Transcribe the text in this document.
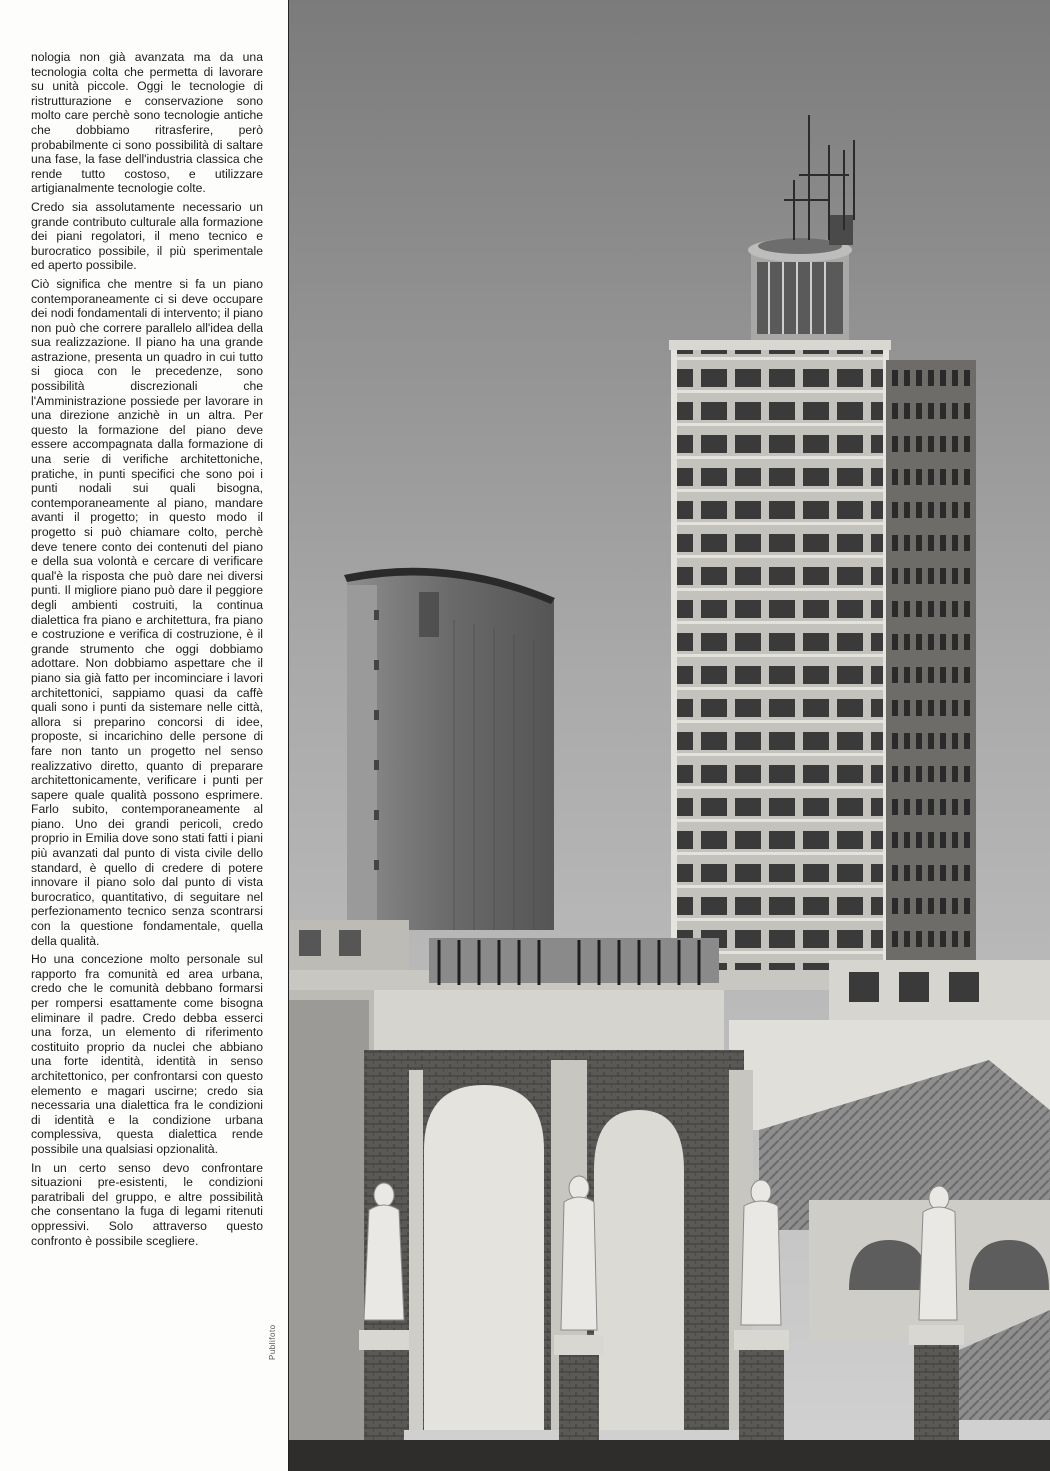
nologia non già avanzata ma da una tecnologia colta che permetta di lavorare su unità piccole. Oggi le tecnologie di ristrutturazione e conservazione sono molto care perchè sono tecnologie antiche che dobbiamo ritrasferire, però probabilmente ci sono possibilità di saltare una fase, la fase dell'industria classica che rende tutto costoso, e utilizzare artigianalmente tecnologie colte.

Credo sia assolutamente necessario un grande contributo culturale alla formazione dei piani regolatori, il meno tecnico e burocratico possibile, il più sperimentale ed aperto possibile.

Ciò significa che mentre si fa un piano contemporaneamente ci si deve occupare dei nodi fondamentali di intervento; il piano non può che correre parallelo all'idea della sua realizzazione. Il piano ha una grande astrazione, presenta un quadro in cui tutto si gioca con le precedenze, sono possibilità discrezionali che l'Amministrazione possiede per lavorare in una direzione anzichè in un altra. Per questo la formazione del piano deve essere accompagnata dalla formazione di una serie di verifiche architettoniche, pratiche, in punti specifici che sono poi i punti nodali sui quali bisogna, contemporaneamente al piano, mandare avanti il progetto; in questo modo il progetto si può chiamare colto, perchè deve tenere conto dei contenuti del piano e della sua volontà e cercare di verificare qual'è la risposta che può dare nei diversi punti. Il migliore piano può dare il peggiore degli ambienti costruiti, la continua dialettica fra piano e architettura, fra piano e costruzione e verifica di costruzione, è il grande strumento che oggi dobbiamo adottare. Non dobbiamo aspettare che il piano sia già fatto per incominciare i lavori architettonici, sappiamo quasi da caffè quali sono i punti da sistemare nelle città, allora si preparino concorsi di idee, proposte, si incarichino delle persone di fare non tanto un progetto nel senso realizzativo diretto, quanto di preparare architettonicamente, verificare i punti per sapere quale qualità possono esprimere. Farlo subito, contemporaneamente al piano. Uno dei grandi pericoli, credo proprio in Emilia dove sono stati fatti i piani più avanzati dal punto di vista civile dello standard, è quello di credere di potere innovare il piano solo dal punto di vista burocratico, quantitativo, di seguitare nel perfezionamento tecnico senza scontrarsi con la questione fondamentale, quella della qualità.

Ho una concezione molto personale sul rapporto fra comunità ed area urbana, credo che le comunità debbano formarsi per rompersi esattamente come bisogna eliminare il padre. Credo debba esserci una forza, un elemento di riferimento costituito proprio da nuclei che abbiano una forte identità, identità in senso architettonico, per confrontarsi con questo elemento e magari uscirne; credo sia necessaria una dialettica fra le condizioni di identità e la condizione urbana complessiva, questa dialettica rende possibile una qualsiasi opzionalità.

In un certo senso devo confrontare situazioni pre-esistenti, le condizioni paratribali del gruppo, e altre possibilità che consentano la fuga di legami ritenuti oppressivi. Solo attraverso questo confronto è possibile scegliere.

Publifoto
